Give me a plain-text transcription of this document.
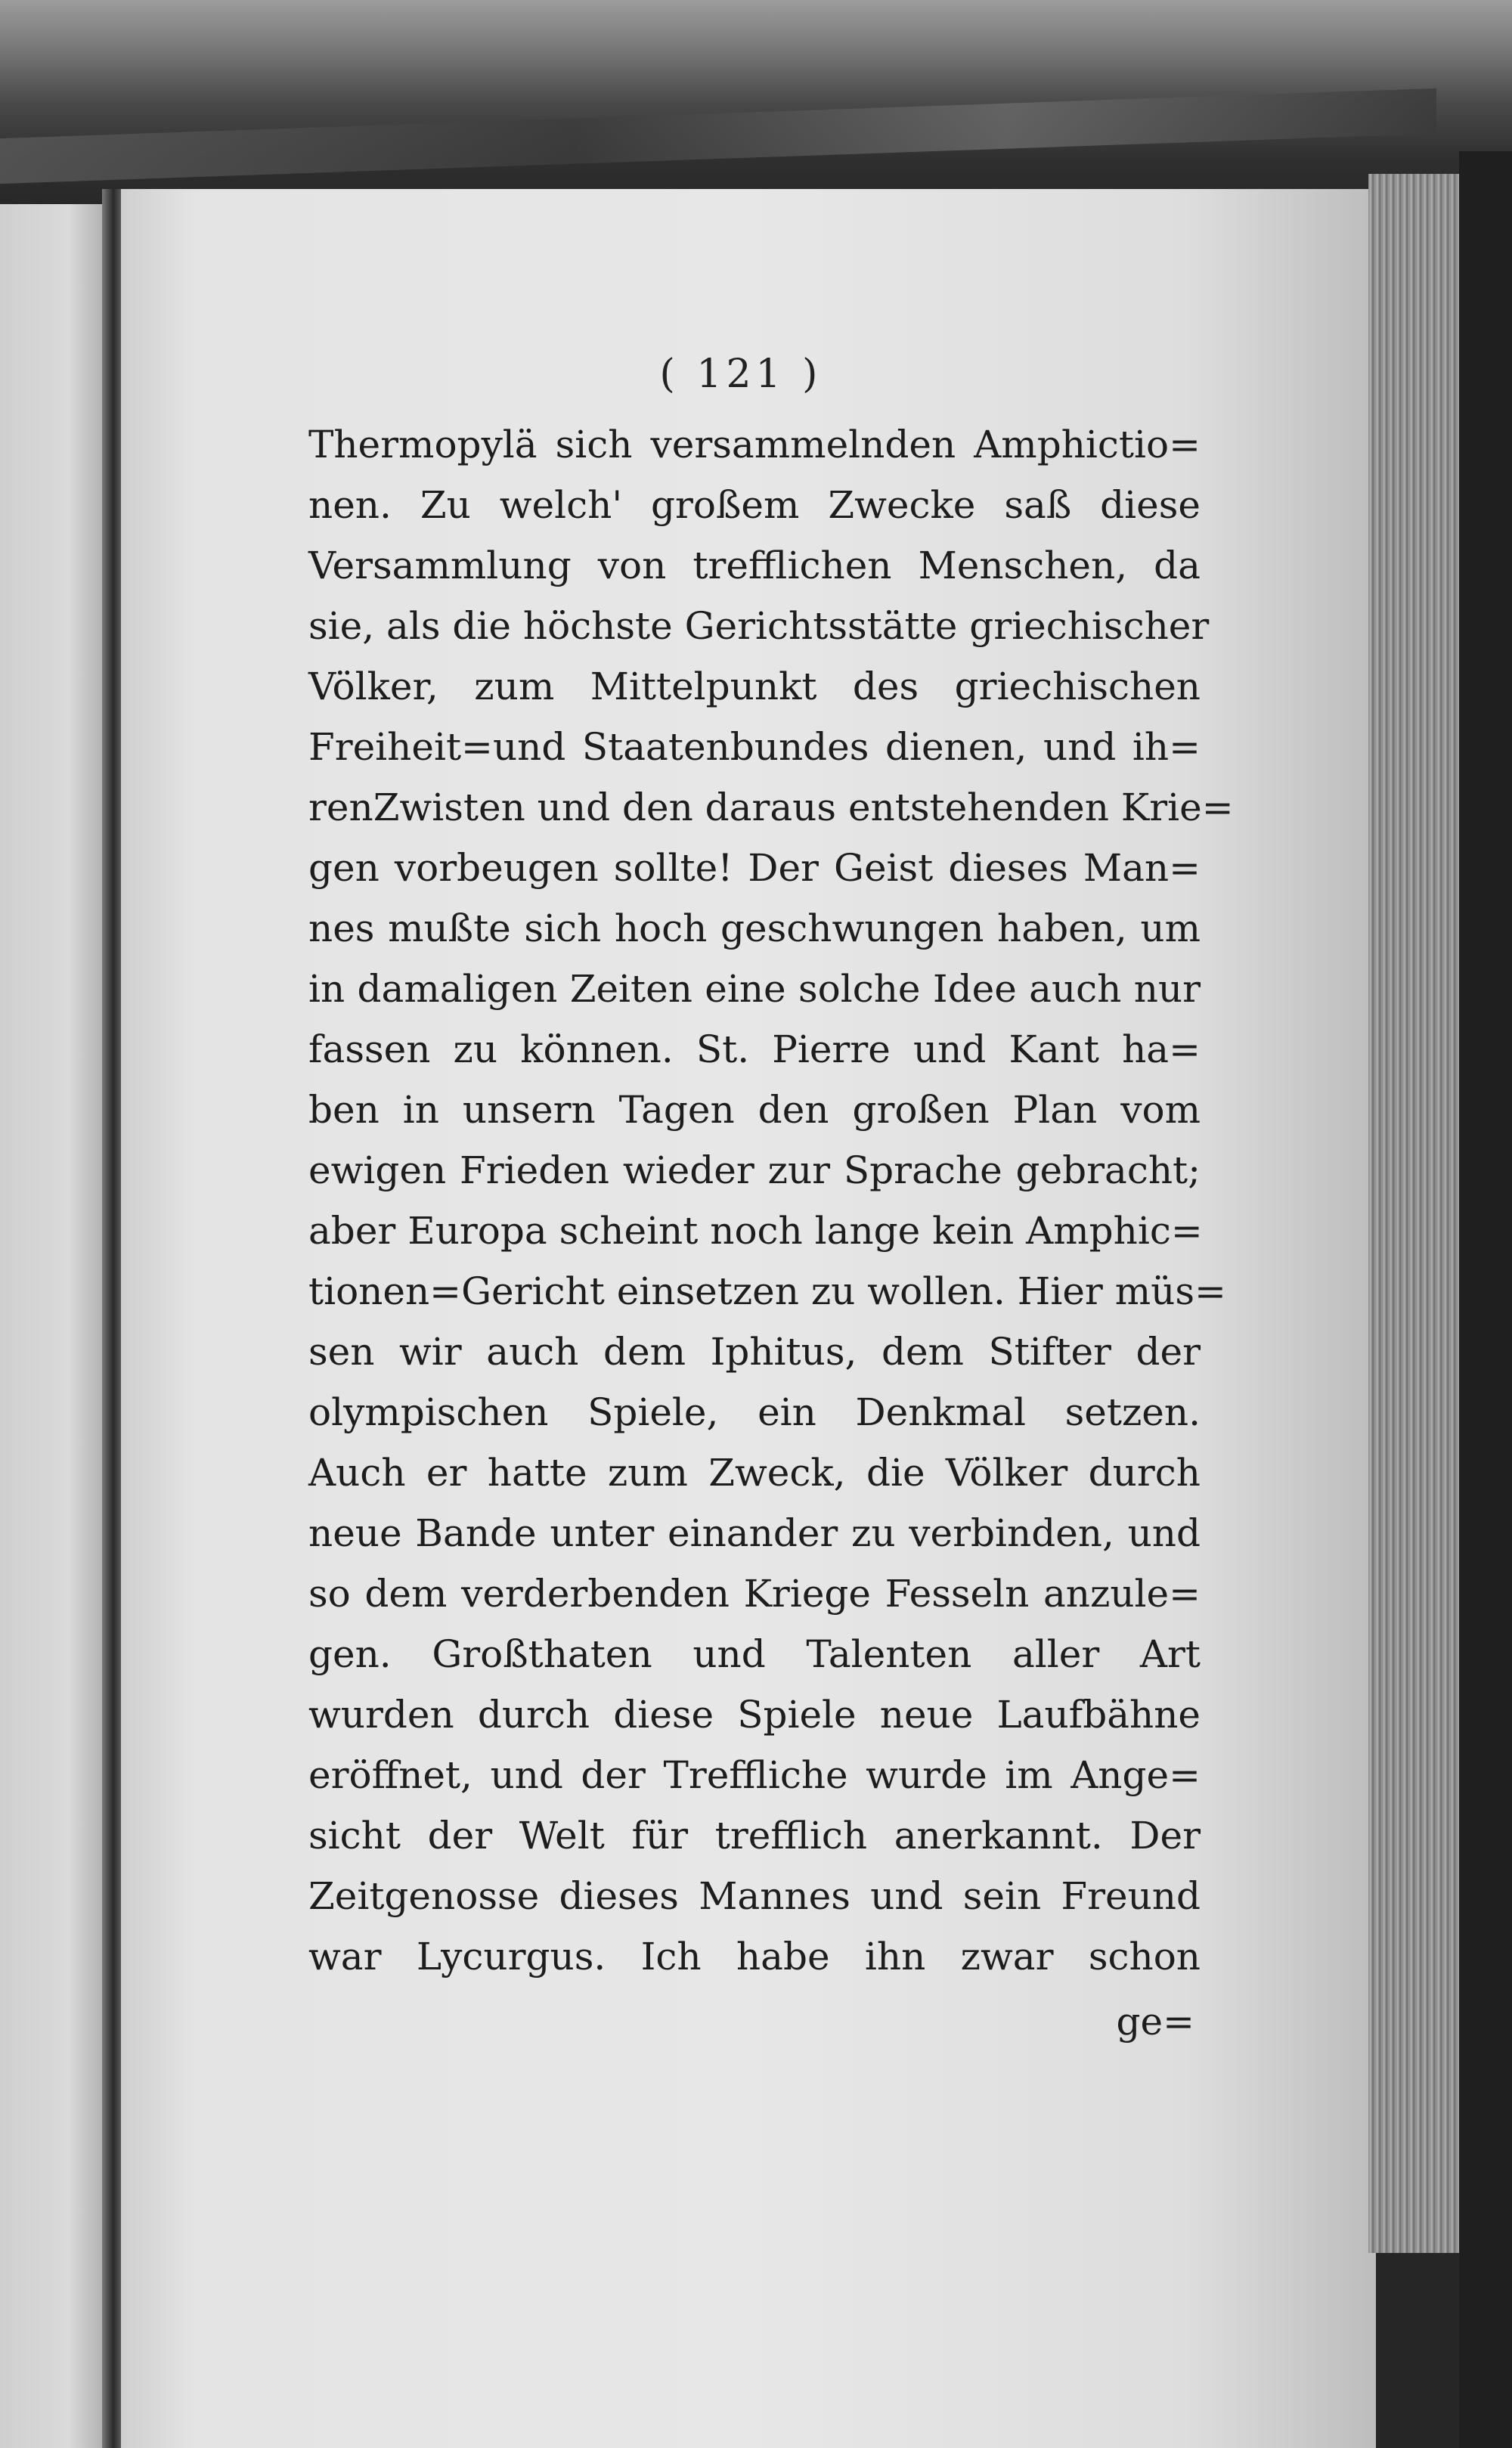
( 121 )
Thermopylä sich versammelnden Amphictio=
nen. Zu welch' großem Zwecke saß diese
Versammlung von trefflichen Menschen, da
sie, als die höchste Gerichtsstätte griechischer
Völker, zum Mittelpunkt des griechischen
Freiheit=und Staatenbundes dienen, und ih=
renZwisten und den daraus entstehenden Krie=
gen vorbeugen sollte! Der Geist dieses Man=
nes mußte sich hoch geschwungen haben, um
in damaligen Zeiten eine solche Idee auch nur
fassen zu können. St. Pierre und Kant ha=
ben in unsern Tagen den großen Plan vom
ewigen Frieden wieder zur Sprache gebracht;
aber Europa scheint noch lange kein Amphic=
tionen=Gericht einsetzen zu wollen. Hier müs=
sen wir auch dem Iphitus, dem Stifter der
olympischen Spiele, ein Denkmal setzen.
Auch er hatte zum Zweck, die Völker durch
neue Bande unter einander zu verbinden, und
so dem verderbenden Kriege Fesseln anzule=
gen. Großthaten und Talenten aller Art
wurden durch diese Spiele neue Laufbähne
eröffnet, und der Treffliche wurde im Ange=
sicht der Welt für trefflich anerkannt. Der
Zeitgenosse dieses Mannes und sein Freund
war Lycurgus. Ich habe ihn zwar schon
ge=
